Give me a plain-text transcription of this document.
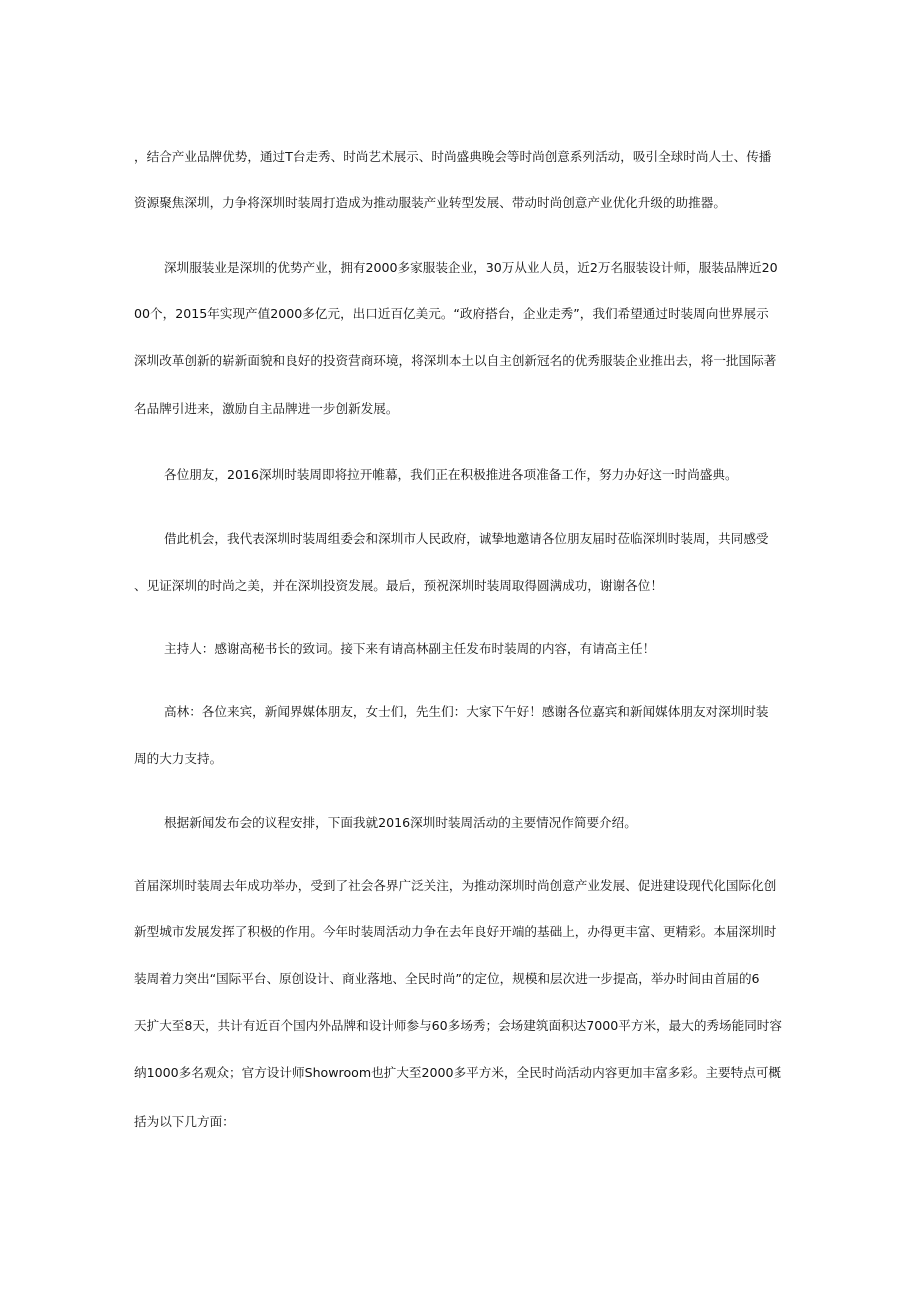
，结合产业品牌优势，通过T台走秀、时尚艺术展示、时尚盛典晚会等时尚创意系列活动，吸引全球时尚人士、传播

资源聚焦深圳，力争将深圳时装周打造成为推动服装产业转型发展、带动时尚创意产业优化升级的助推器。

深圳服装业是深圳的优势产业，拥有2000多家服装企业，30万从业人员，近2万名服装设计师，服装品牌近20

00个，2015年实现产值2000多亿元，出口近百亿美元。“政府搭台，企业走秀”，我们希望通过时装周向世界展示

深圳改革创新的崭新面貌和良好的投资营商环境，将深圳本土以自主创新冠名的优秀服装企业推出去，将一批国际著

名品牌引进来，激励自主品牌进一步创新发展。

各位朋友，2016深圳时装周即将拉开帷幕，我们正在积极推进各项准备工作，努力办好这一时尚盛典。

借此机会，我代表深圳时装周组委会和深圳市人民政府，诚挚地邀请各位朋友届时莅临深圳时装周，共同感受

、见证深圳的时尚之美，并在深圳投资发展。最后，预祝深圳时装周取得圆满成功，谢谢各位！

主持人：感谢高秘书长的致词。接下来有请高林副主任发布时装周的内容，有请高主任！

高林：各位来宾，新闻界媒体朋友，女士们，先生们：大家下午好！感谢各位嘉宾和新闻媒体朋友对深圳时装

周的大力支持。

根据新闻发布会的议程安排，下面我就2016深圳时装周活动的主要情况作简要介绍。

首届深圳时装周去年成功举办，受到了社会各界广泛关注，为推动深圳时尚创意产业发展、促进建设现代化国际化创

新型城市发展发挥了积极的作用。今年时装周活动力争在去年良好开端的基础上，办得更丰富、更精彩。本届深圳时

装周着力突出“国际平台、原创设计、商业落地、全民时尚”的定位，规模和层次进一步提高，举办时间由首届的6

天扩大至8天，共计有近百个国内外品牌和设计师参与60多场秀；会场建筑面积达7000平方米，最大的秀场能同时容

纳1000多名观众；官方设计师Showroom也扩大至2000多平方米，全民时尚活动内容更加丰富多彩。主要特点可概

括为以下几方面：
